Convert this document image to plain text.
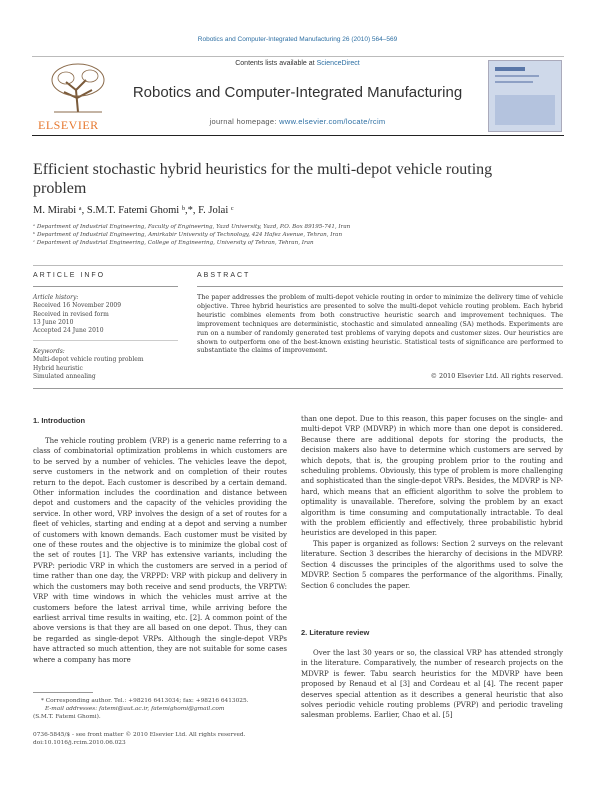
Robotics and Computer-Integrated Manufacturing 26 (2010) 564–569
ELSEVIER
Contents lists available at ScienceDirect
Robotics and Computer-Integrated Manufacturing
journal homepage: www.elsevier.com/locate/rcim
Efficient stochastic hybrid heuristics for the multi-depot vehicle routing problem
M. Mirabi ᵃ, S.M.T. Fatemi Ghomi ᵇ,*, F. Jolai ᶜ
ᵃ Department of Industrial Engineering, Faculty of Engineering, Yazd University, Yazd, P.O. Box 89195-741, Iran
ᵇ Department of Industrial Engineering, Amirkabir University of Technology, 424 Hafez Avenue, Tehran, Iran
ᶜ Department of Industrial Engineering, College of Engineering, University of Tehran, Tehran, Iran
ARTICLE INFO	ABSTRACT
Article history:
Received 16 November 2009
Received in revised form
13 June 2010
Accepted 24 June 2010
Keywords:
Multi-depot vehicle routing problem
Hybrid heuristic
Simulated annealing
The paper addresses the problem of multi-depot vehicle routing in order to minimize the delivery time of vehicle objective. Three hybrid heuristics are presented to solve the multi-depot vehicle routing problem. Each hybrid heuristic combines elements from both constructive heuristic search and improvement techniques. The improvement techniques are deterministic, stochastic and simulated annealing (SA) methods. Experiments are run on a number of randomly generated test problems of varying depots and customer sizes. Our heuristics are shown to outperform one of the best-known existing heuristic. Statistical tests of significance are performed to substantiate the claims of improvement.
© 2010 Elsevier Ltd. All rights reserved.
1. Introduction

The vehicle routing problem (VRP) is a generic name referring to a class of combinatorial optimization problems in which customers are to be served by a number of vehicles. The vehicles leave the depot, serve customers in the network and on completion of their routes return to the depot. Each customer is described by a certain demand. Other information includes the coordination and distance between depot and customers and the capacity of the vehicles providing the service. In other word, VRP involves the design of a set of routes for a fleet of vehicles, starting and ending at a depot and serving a number of customers with known demands. Each customer must be visited by one of these routes and the objective is to minimize the global cost of the set of routes [1]. The VRP has extensive variants, including the PVRP: periodic VRP in which the customers are served in a period of time rather than one day, the VRPPD: VRP with pickup and delivery in which the customers may both receive and send products, the VRPTW: VRP with time windows in which the vehicles must arrive at the customers before the latest arrival time, while arriving before the earliest arrival time results in waiting, etc. [2]. A common point of the above versions is that they are all based on one depot. Thus, they can be regarded as single-depot VRPs. Although the single-depot VRPs have attracted so much attention, they are not suitable for some cases where a company has more

than one depot. Due to this reason, this paper focuses on the single- and multi-depot VRP (MDVRP) in which more than one depot is considered. Because there are additional depots for storing the products, the decision makers also have to determine which customers are served by which depots, that is, the grouping problem prior to the routing and scheduling problems. Obviously, this type of problem is more challenging and sophisticated than the single-depot VRPs. Besides, the MDVRP is NP-hard, which means that an efficient algorithm to solve the problem to optimality is unavailable. Therefore, solving the problem by an exact algorithm is time consuming and computationally intractable. To deal with the problem efficiently and effectively, three probabilistic hybrid heuristics are developed in this paper.

This paper is organized as follows: Section 2 surveys on the relevant literature. Section 3 describes the hierarchy of decisions in the MDVRP. Section 4 discusses the principles of the algorithms used to solve the MDVRP. Section 5 compares the performance of the algorithms. Finally, Section 6 concludes the paper.

2. Literature review

Over the last 30 years or so, the classical VRP has attended strongly in the literature. Comparatively, the number of research projects on the MDVRP is fewer. Tabu search heuristics for the MDVRP have been proposed by Renaud et al [3] and Cordeau et al [4]. The recent paper deserves special attention as it describes a general heuristic that also solves periodic vehicle routing problems (PVRP) and periodic traveling salesman problems. Earlier, Chao et al. [5]

* Corresponding author. Tel.: +98216 6413034; fax: +98216 6413025.
E-mail addresses: fatemi@aut.ac.ir, fatemighomi@gmail.com
(S.M.T. Fatemi Ghomi).
0736-5845/$ - see front matter © 2010 Elsevier Ltd. All rights reserved.
doi:10.1016/j.rcim.2010.06.023
